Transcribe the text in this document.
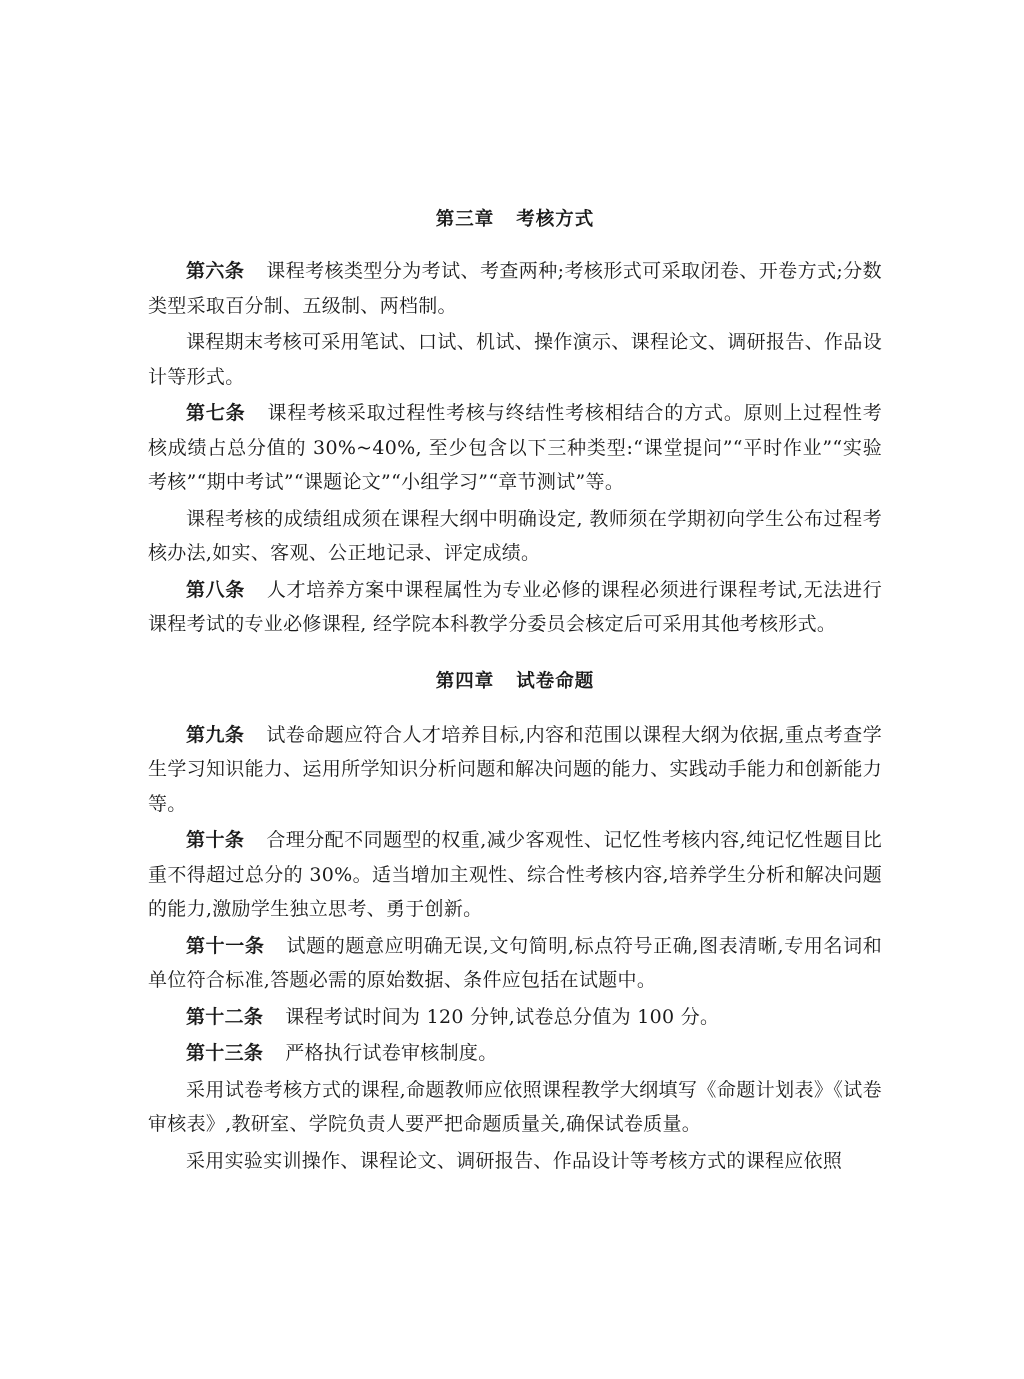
第三章 考核方式

第六条 课程考核类型分为考试、考查两种;考核形式可采取闭卷、开卷方式;分数类型采取百分制、五级制、两档制。

课程期末考核可采用笔试、口试、机试、操作演示、课程论文、调研报告、作品设计等形式。

第七条 课程考核采取过程性考核与终结性考核相结合的方式。原则上过程性考核成绩占总分值的 30%~40%, 至少包含以下三种类型:“课堂提问”“平时作业”“实验考核”“期中考试”“课题论文”“小组学习”“章节测试”等。

课程考核的成绩组成须在课程大纲中明确设定, 教师须在学期初向学生公布过程考核办法,如实、客观、公正地记录、评定成绩。

第八条 人才培养方案中课程属性为专业必修的课程必须进行课程考试,无法进行课程考试的专业必修课程, 经学院本科教学分委员会核定后可采用其他考核形式。

第四章 试卷命题

第九条 试卷命题应符合人才培养目标,内容和范围以课程大纲为依据,重点考查学生学习知识能力、运用所学知识分析问题和解决问题的能力、实践动手能力和创新能力等。

第十条 合理分配不同题型的权重,减少客观性、记忆性考核内容,纯记忆性题目比重不得超过总分的 30%。适当增加主观性、综合性考核内容,培养学生分析和解决问题的能力,激励学生独立思考、勇于创新。

第十一条 试题的题意应明确无误,文句简明,标点符号正确,图表清晰,专用名词和单位符合标准,答题必需的原始数据、条件应包括在试题中。

第十二条 课程考试时间为 120 分钟,试卷总分值为 100 分。

第十三条 严格执行试卷审核制度。

采用试卷考核方式的课程,命题教师应依照课程教学大纲填写《命题计划表》《试卷审核表》,教研室、学院负责人要严把命题质量关,确保试卷质量。

采用实验实训操作、课程论文、调研报告、作品设计等考核方式的课程应依照
